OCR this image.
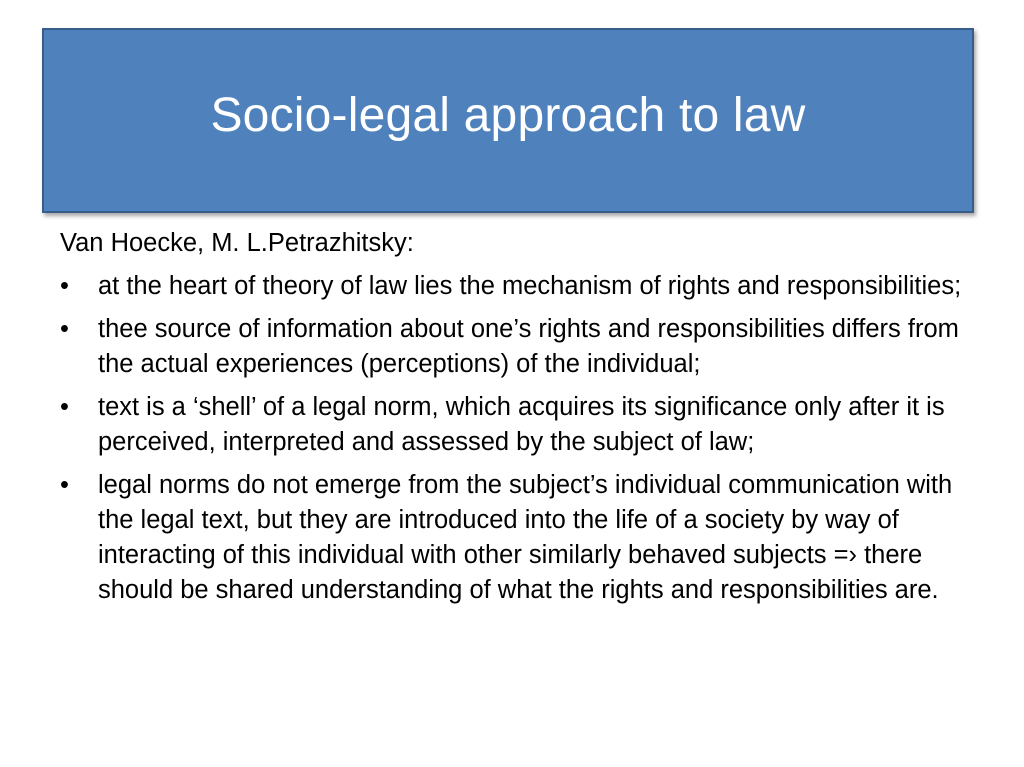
Socio-legal approach to law

Van Hoecke, M. L.Petrazhitsky:

•	at the heart of theory of law lies the mechanism of rights and responsibilities;
•	thee source of information about one’s rights and responsibilities differs from the actual experiences (perceptions) of the individual;
•	text is a ‘shell’ of a legal norm, which acquires its significance only after it is perceived, interpreted and assessed by the subject of law;
•	legal norms do not emerge from the subject’s individual communication with the legal text, but they are introduced into the life of a society by way of interacting of this individual with other similarly behaved subjects =› there should be shared understanding of what the rights and responsibilities are.
